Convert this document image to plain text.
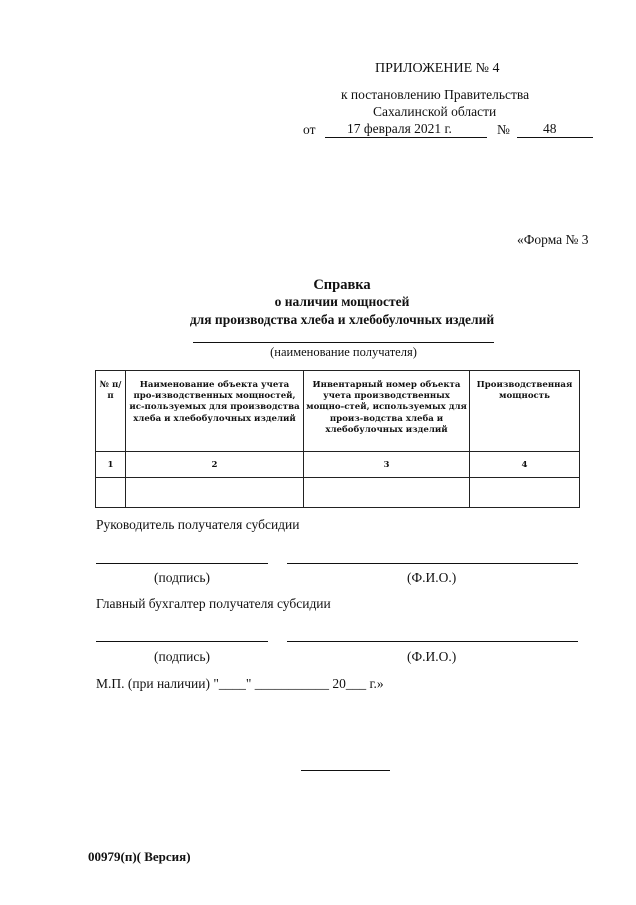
ПРИЛОЖЕНИЕ № 4
к постановлению Правительства
Сахалинской области
от 17 февраля 2021 г.	№ 48
«Форма № 3
Справка
о наличии мощностей
для производства хлеба и хлебобулочных изделий
(наименование получателя)
№ п/п	Наименование объекта учета про-изводственных мощностей, ис-пользуемых для производства хлеба и хлебобулочных изделий	Инвентарный номер объекта учета производственных мощно-стей, используемых для произ-водства хлеба и хлебобулочных изделий	Производственная мощность
1	2	3	4

Руководитель получателя субсидии
(подпись)	(Ф.И.О.)
Главный бухгалтер получателя субсидии
(подпись)	(Ф.И.О.)
М.П. (при наличии) "____" ___________ 20___ г.»
00979(п)( Версия)
